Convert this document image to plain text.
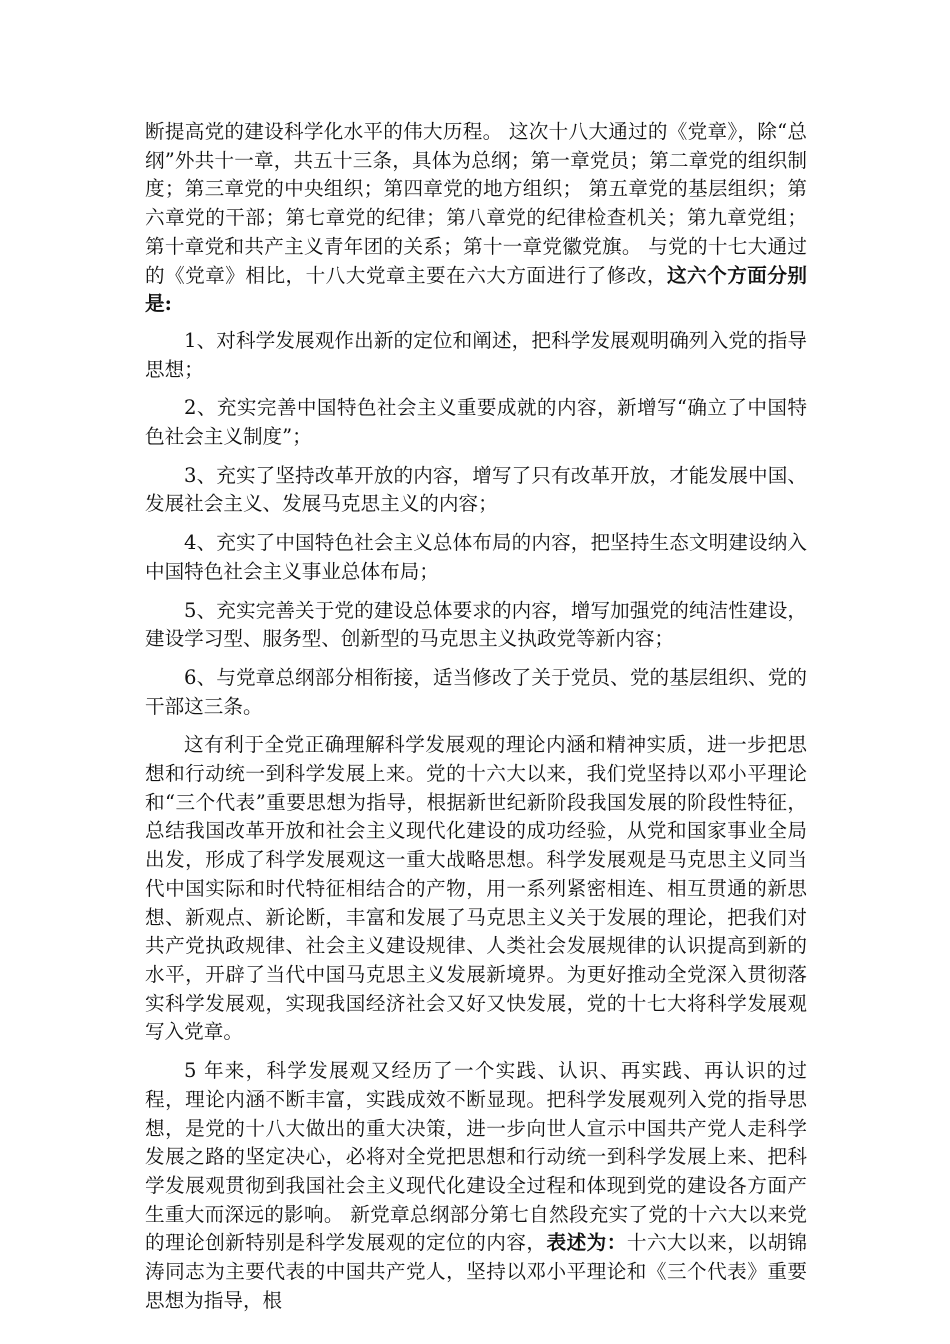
断提高党的建设科学化水平的伟大历程。 这次十八大通过的《党章》，除“总纲”外共十一章，共五十三条，具体为总纲；第一章党员；第二章党的组织制度；第三章党的中央组织；第四章党的地方组织； 第五章党的基层组织；第六章党的干部；第七章党的纪律；第八章党的纪律检查机关；第九章党组；第十章党和共产主义青年团的关系；第十一章党徽党旗。 与党的十七大通过的《党章》相比，十八大党章主要在六大方面进行了修改，这六个方面分别是:

1、对科学发展观作出新的定位和阐述，把科学发展观明确列入党的指导思想；

2、充实完善中国特色社会主义重要成就的内容，新增写“确立了中国特色社会主义制度”；

3、充实了坚持改革开放的内容，增写了只有改革开放，才能发展中国、发展社会主义、发展马克思主义的内容；

4、充实了中国特色社会主义总体布局的内容，把坚持生态文明建设纳入中国特色社会主义事业总体布局；

5、充实完善关于党的建设总体要求的内容，增写加强党的纯洁性建设，建设学习型、服务型、创新型的马克思主义执政党等新内容；

6、与党章总纲部分相衔接，适当修改了关于党员、党的基层组织、党的干部这三条。

这有利于全党正确理解科学发展观的理论内涵和精神实质，进一步把思想和行动统一到科学发展上来。党的十六大以来，我们党坚持以邓小平理论和“三个代表”重要思想为指导，根据新世纪新阶段我国发展的阶段性特征，总结我国改革开放和社会主义现代化建设的成功经验，从党和国家事业全局出发，形成了科学发展观这一重大战略思想。科学发展观是马克思主义同当代中国实际和时代特征相结合的产物，用一系列紧密相连、相互贯通的新思想、新观点、新论断，丰富和发展了马克思主义关于发展的理论，把我们对共产党执政规律、社会主义建设规律、人类社会发展规律的认识提高到新的水平，开辟了当代中国马克思主义发展新境界。为更好推动全党深入贯彻落实科学发展观，实现我国经济社会又好又快发展，党的十七大将科学发展观写入党章。

5 年来，科学发展观又经历了一个实践、认识、再实践、再认识的过程，理论内涵不断丰富，实践成效不断显现。把科学发展观列入党的指导思想，是党的十八大做出的重大决策，进一步向世人宣示中国共产党人走科学发展之路的坚定决心，必将对全党把思想和行动统一到科学发展上来、把科学发展观贯彻到我国社会主义现代化建设全过程和体现到党的建设各方面产生重大而深远的影响。 新党章总纲部分第七自然段充实了党的十六大以来党的理论创新特别是科学发展观的定位的内容，表述为：十六大以来，以胡锦涛同志为主要代表的中国共产党人，坚持以邓小平理论和《三个代表》重要思想为指导，根
